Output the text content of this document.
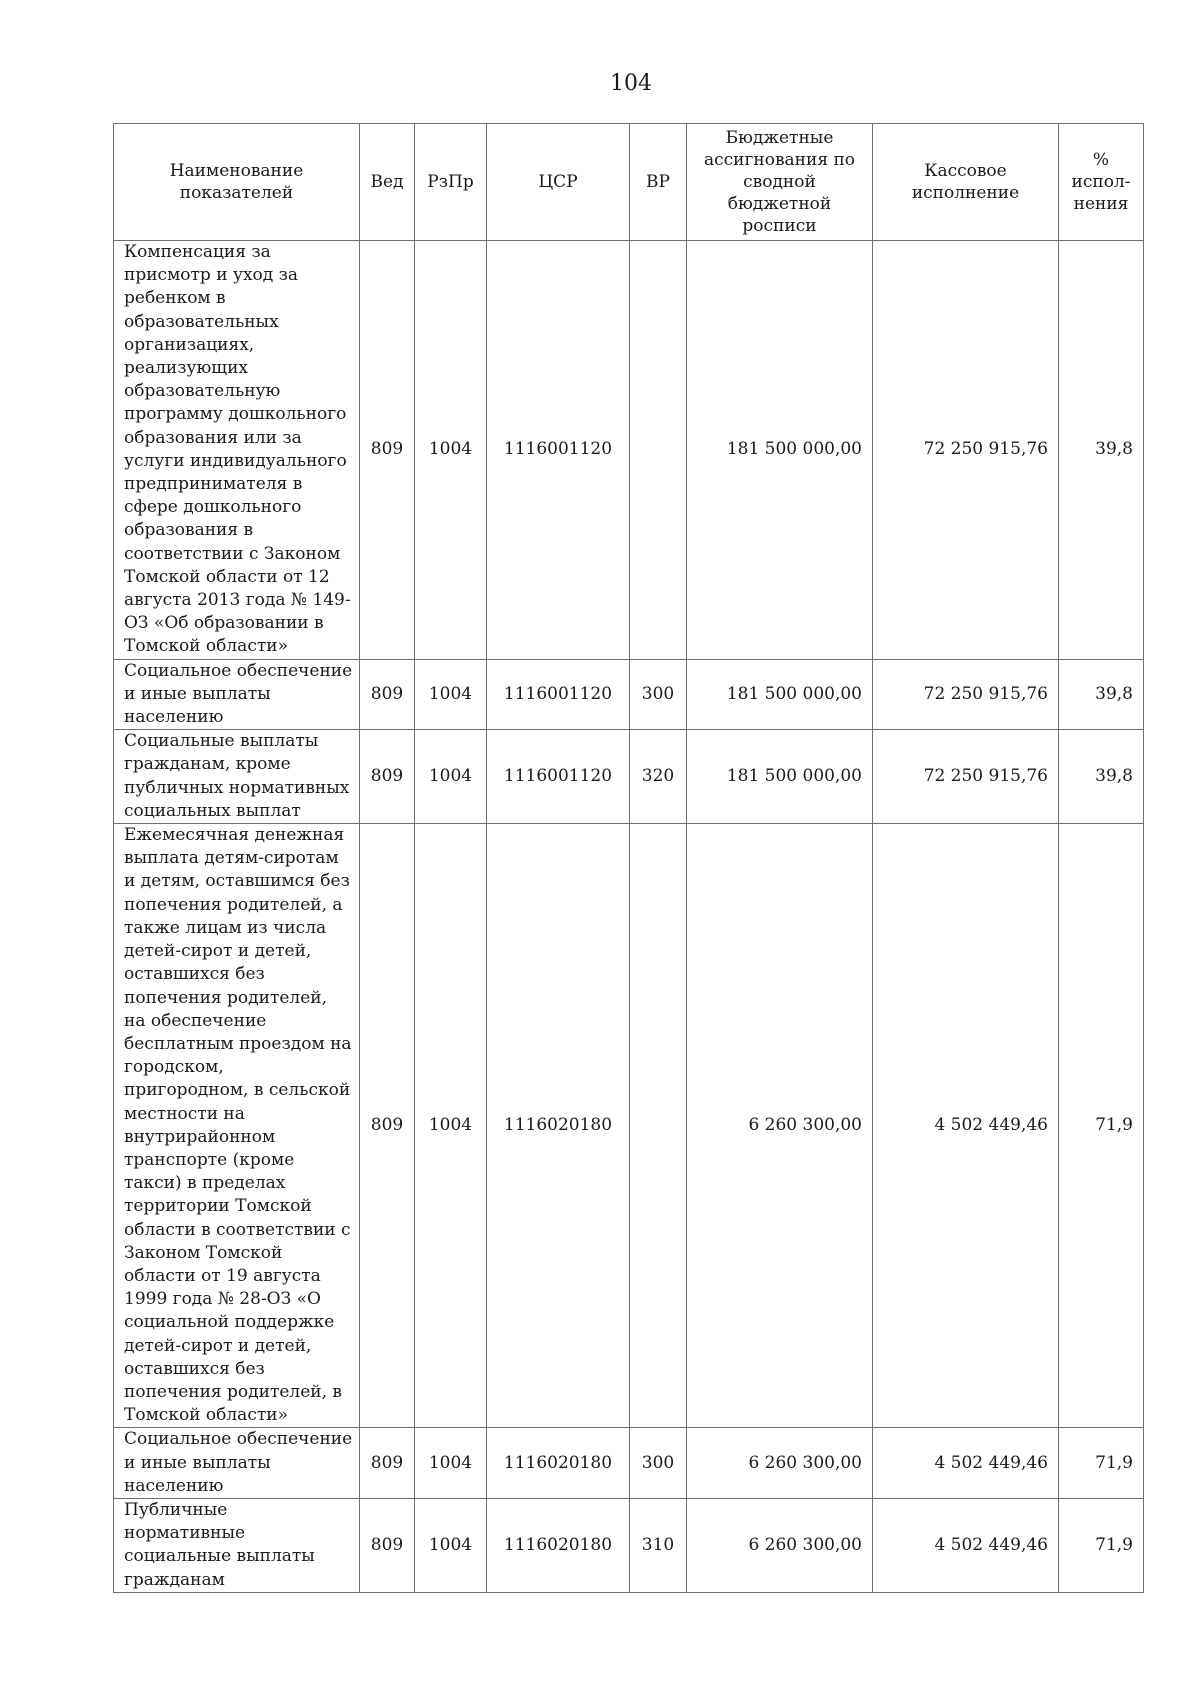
104
Наименование показателей	Вед	РзПр	ЦСР	ВР	Бюджетные ассигнования по сводной бюджетной росписи	Кассовое исполнение	% испол-нения
Компенсация за присмотр и уход за ребенком в образовательных организациях, реализующих образовательную программу дошкольного образования или за услуги индивидуального предпринимателя в сфере дошкольного образования в соответствии с Законом Томской области от 12 августа 2013 года № 149-ОЗ «Об образовании в Томской области»	809	1004	1116001120		181 500 000,00	72 250 915,76	39,8
Социальное обеспечение и иные выплаты населению	809	1004	1116001120	300	181 500 000,00	72 250 915,76	39,8
Социальные выплаты гражданам, кроме публичных нормативных социальных выплат	809	1004	1116001120	320	181 500 000,00	72 250 915,76	39,8
Ежемесячная денежная выплата детям-сиротам и детям, оставшимся без попечения родителей, а также лицам из числа детей-сирот и детей, оставшихся без попечения родителей, на обеспечение бесплатным проездом на городском, пригородном, в сельской местности на внутрирайонном транспорте (кроме такси) в пределах территории Томской области в соответствии с Законом Томской области от 19 августа 1999 года № 28-ОЗ «О социальной поддержке детей-сирот и детей, оставшихся без попечения родителей, в Томской области»	809	1004	1116020180		6 260 300,00	4 502 449,46	71,9
Социальное обеспечение и иные выплаты населению	809	1004	1116020180	300	6 260 300,00	4 502 449,46	71,9
Публичные нормативные социальные выплаты гражданам	809	1004	1116020180	310	6 260 300,00	4 502 449,46	71,9
